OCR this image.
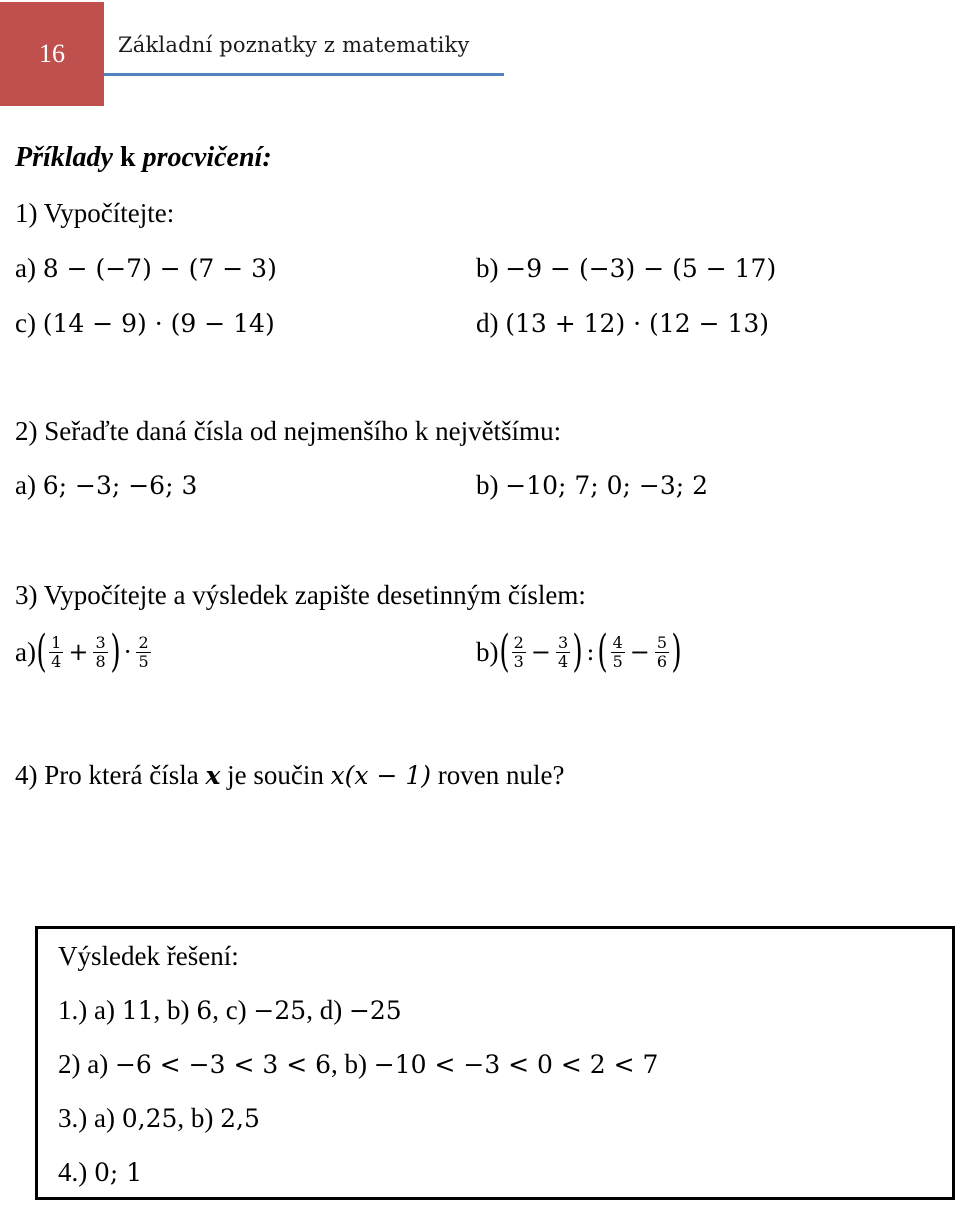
16	Základní poznatky z matematiky
Příklady k procvičení:
1) Vypočítejte:
a) 8 − (−7) − (7 − 3)	b) −9 − (−3) − (5 − 17)
c) (14 − 9) · (9 − 14)	d) (13 + 12) · (12 − 13)
2) Seřaďte daná čísla od nejmenšího k největšímu:
a) 6; −3; −6; 3	b) −10; 7; 0; −3; 2
3) Vypočítejte a výsledek zapište desetinným číslem:
a) ( $\frac{1}{4} + \frac{3}{8}$ ) · $\frac{2}{5}$	b) ( $\frac{2}{3} - \frac{3}{4}$ ) : ( $\frac{4}{5} - \frac{5}{6}$ )
4) Pro která čísla x je součin x(x − 1) roven nule?
Výsledek řešení:
1.) a) 11, b) 6, c) −25, d) −25
2) a) −6 < −3 < 3 < 6, b) −10 < −3 < 0 < 2 < 7
3.) a) 0,25, b) 2,5
4.) 0; 1
